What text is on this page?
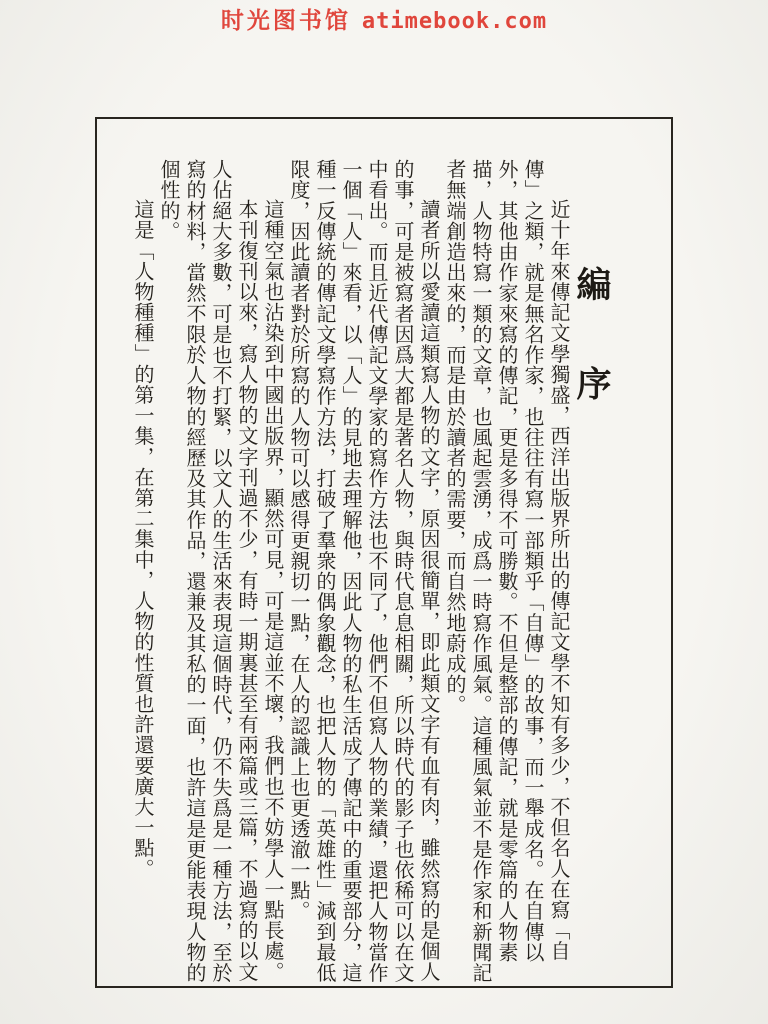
时光图书馆 atimebook.com
編序

近十年來傳記文學獨盛，西洋出版界所出的傳記文學不知有多少，不但名人在寫「自傳」之類，就是無名作家，也往往有寫一部類乎「自傳」的故事，而一舉成名。在自傳以外，其他由作家來寫的傳記，更是多得不可勝數。不但是整部的傳記，就是零篇的人物素描，人物特寫一類的文章，也風起雲湧，成爲一時寫作風氣。這種風氣並不是作家和新聞記者無端創造出來的，而是由於讀者的需要，而自然地蔚成的。

讀者所以愛讀這類寫人物的文字，原因很簡單，即此類文字有血有肉，雖然寫的是個人的事，可是被寫者因爲大都是著名人物，與時代息息相關，所以時代的影子也依稀可以在文中看出。而且近代傳記文學家的寫作方法也不同了，他們不但寫人物的業績，還把人物當作一個「人」來看，以「人」的見地去理解他，因此人物的私生活成了傳記中的重要部分，這種一反傳統的傳記文學寫作方法，打破了羣衆的偶象觀念，也把人物的「英雄性」減到最低限度，因此讀者對於所寫的人物可以感得更親切一點，在人的認識上也更透澈一點。

這種空氣也沾染到中國出版界，顯然可見，可是這並不壞，我們也不妨學人一點長處。

本刊復刊以來，寫人物的文字刊過不少，有時一期裏甚至有兩篇或三篇，不過寫的以文人佔絕大多數，可是也不打緊，以文人的生活來表現這個時代，仍不失爲是一種方法，至於寫的材料，當然不限於人物的經歷及其作品，還兼及其私的一面，也許這是更能表現人物的個性的。

這是「人物種種」的第一集，在第二集中，人物的性質也許還要廣大一點。
